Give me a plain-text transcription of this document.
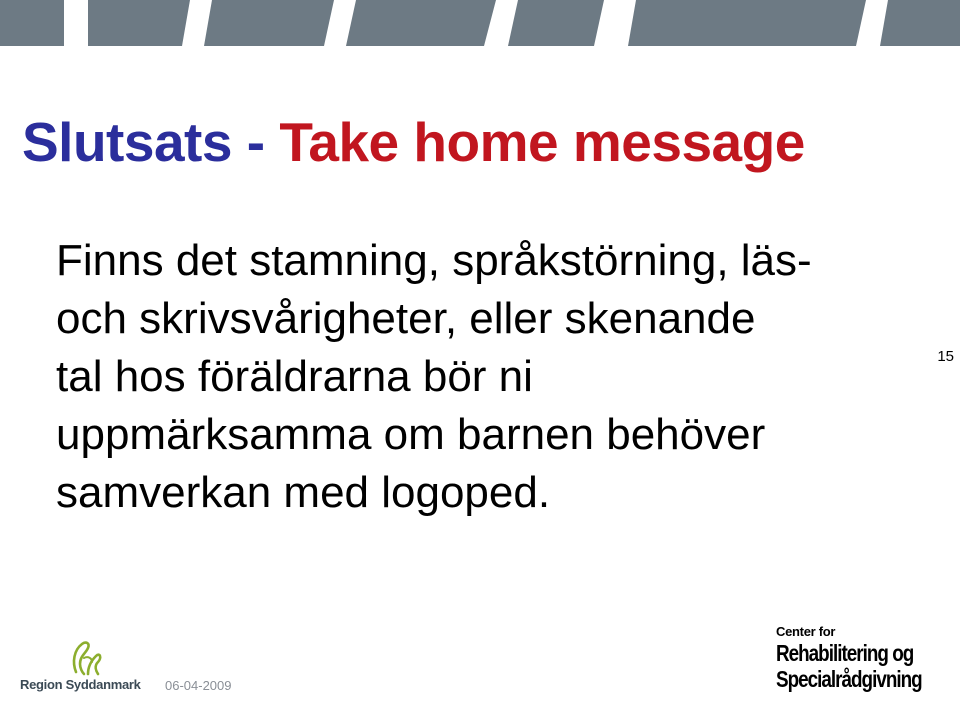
Slutsats - Take home message

Finns det stamning, språkstörning, läs-
och skrivsvårigheter, eller skenande
tal hos föräldrarna bör ni
uppmärksamma om barnen behöver
samverkan med logoped.

15
Region Syddanmark 06-04-2009
Center for
Rehabilitering og
Specialrådgivning
